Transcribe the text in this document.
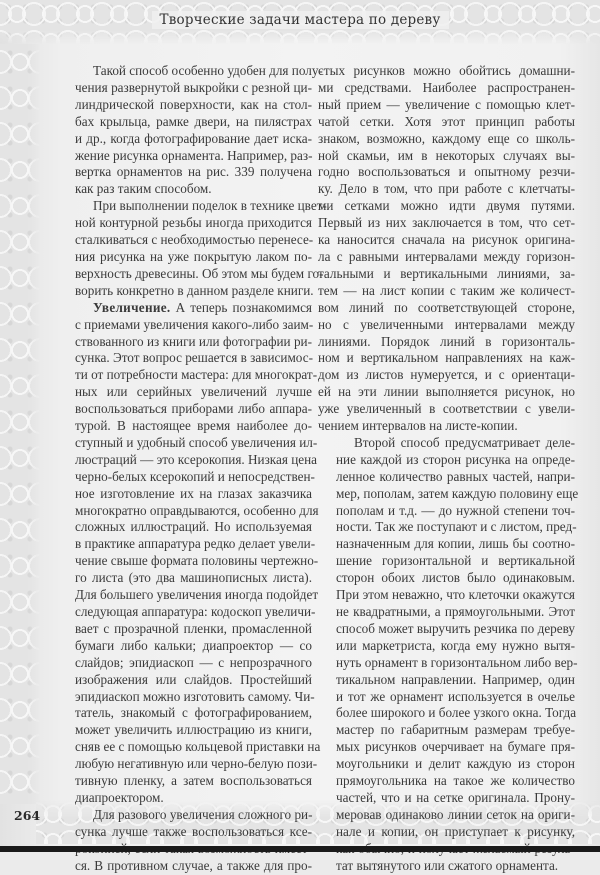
Творческие задачи мастера по дереву

Такой способ особенно удобен для полу-
чения развернутой выкройки с резной ци-
линдрической поверхности, как на стол-
бах крыльца, рамке двери, на пилястрах
и др., когда фотографирование дает иска-
жение рисунка орнамента. Например, раз-
вертка орнаментов на рис. 339 получена
как раз таким способом.

При выполнении поделок в технике цвет-
ной контурной резьбы иногда приходится
сталкиваться с необходимостью перенесе-
ния рисунка на уже покрытую лаком по-
верхность древесины. Об этом мы будем го-
ворить конкретно в данном разделе книги.

Увеличение. А теперь познакомимся
с приемами увеличения какого-либо заим-
ствованного из книги или фотографии ри-
сунка. Этот вопрос решается в зависимос-
ти от потребности мастера: для многократ-
ных или серийных увеличений лучше
воспользоваться приборами либо аппара-
турой. В настоящее время наиболее до-
ступный и удобный способ увеличения ил-
люстраций — это ксерокопия. Низкая цена
черно-белых ксерокопий и непосредствен-
ное изготовление их на глазах заказчика
многократно оправдываются, особенно для
сложных иллюстраций. Но используемая
в практике аппаратура редко делает увели-
чение свыше формата половины чертежно-
го листа (это два машинописных листа).
Для большего увеличения иногда подойдет
следующая аппаратура: кодоскоп увеличи-
вает с прозрачной пленки, промасленной
бумаги либо кальки; диапроектор — со
слайдов; эпидиаскоп — с непрозрачного
изображения или слайдов. Простейший
эпидиаскоп можно изготовить самому. Чи-
татель, знакомый с фотографированием,
может увеличить иллюстрацию из книги,
сняв ее с помощью кольцевой приставки на
любую негативную или черно-белую пози-
тивную пленку, а затем воспользоваться
диапроектором.

Для разового увеличения сложного ри-
сунка лучше также воспользоваться ксе-
ся. В противном случае, а также для про-

стых рисунков можно обойтись домашни-
ми средствами. Наиболее распространен-
ный прием — увеличение с помощью клет-
чатой сетки. Хотя этот принцип работы
знаком, возможно, каждому еще со школь-
ной скамьи, им в некоторых случаях вы-
годно воспользоваться и опытному резчи-
ку. Дело в том, что при работе с клетчаты-
ми сетками можно идти двумя путями.
Первый из них заключается в том, что сет-
ка наносится сначала на рисунок оригина-
ла с равными интервалами между горизон-
тальными и вертикальными линиями, за-
тем — на лист копии с таким же количест-
вом линий по соответствующей стороне,
но с увеличенными интервалами между
линиями. Порядок линий в горизонталь-
ном и вертикальном направлениях на каж-
дом из листов нумеруется, и с ориентаци-
ей на эти линии выполняется рисунок, но
уже увеличенный в соответствии с увели-
чением интервалов на листе-копии.

Второй способ предусматривает деле-
ние каждой из сторон рисунка на опреде-
ленное количество равных частей, напри-
мер, пополам, затем каждую половину еще
пополам и т.д. — до нужной степени точ-
ности. Так же поступают и с листом, пред-
назначенным для копии, лишь бы соотно-
шение горизонтальной и вертикальной
сторон обоих листов было одинаковым.
При этом неважно, что клеточки окажутся
не квадратными, а прямоугольными. Этот
способ может выручить резчика по дереву
или маркетриста, когда ему нужно вытя-
нуть орнамент в горизонтальном либо вер-
тикальном направлении. Например, один
и тот же орнамент используется в очелье
более широкого и более узкого окна. Тогда
мастер по габаритным размерам требуе-
мых рисунков очерчивает на бумаге пря-
моугольники и делит каждую из сторон
прямоугольника на такое же количество
частей, что и на сетке оригинала. Прону-
меровав одинаково линии сеток на ориги-
нале и копии, он приступает к рисунку,
тат вытянутого или сжатого орнамента.

264
